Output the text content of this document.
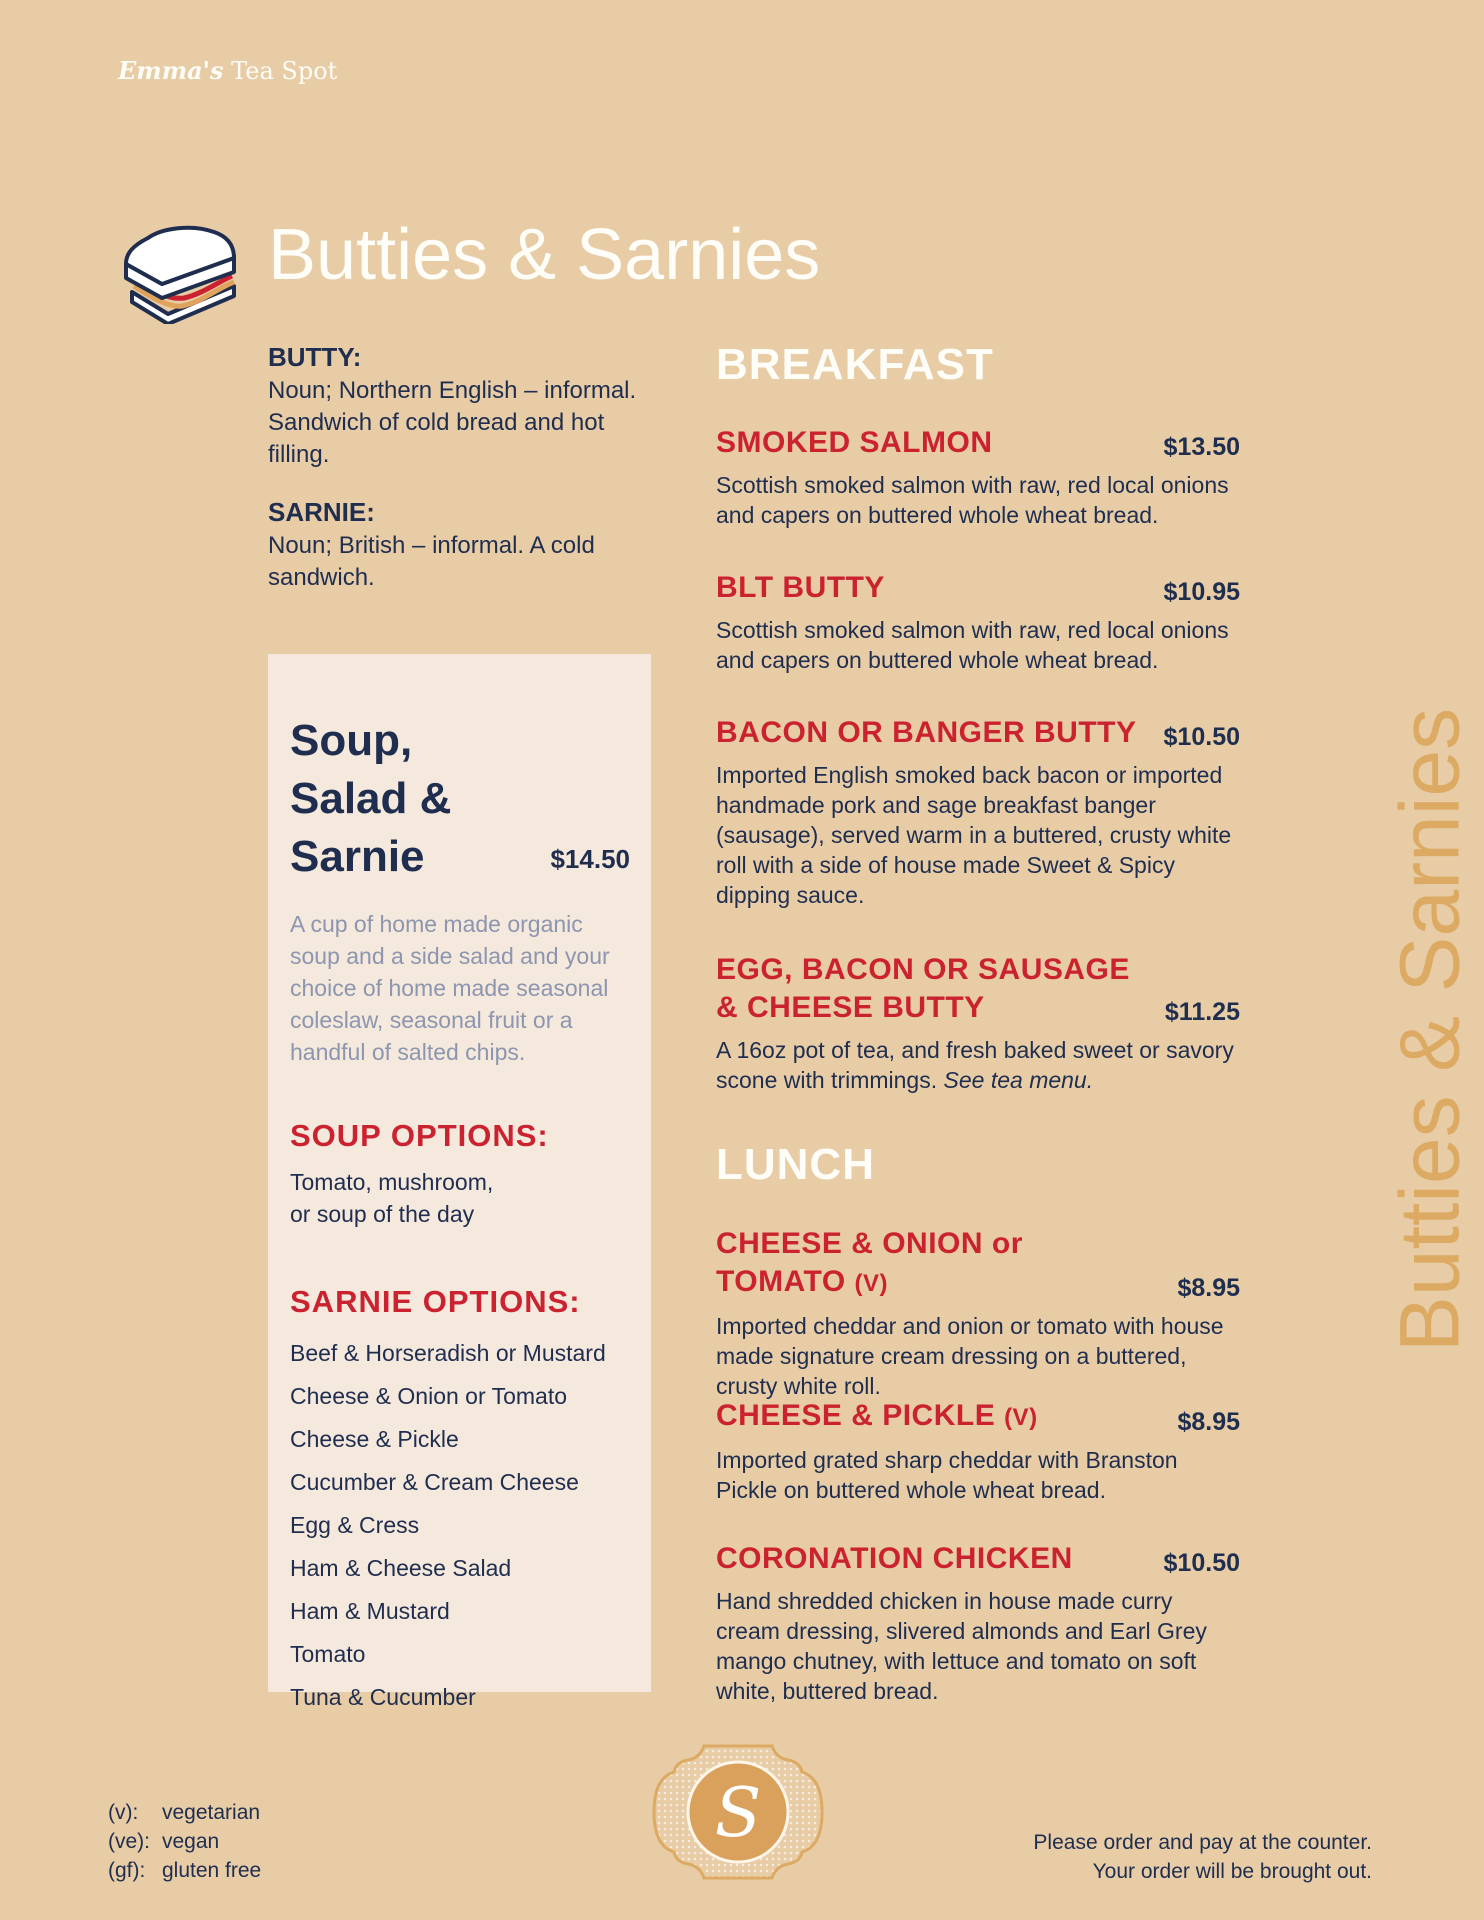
Emma's Tea Spot
Butties & Sarnies

BUTTY:

Noun; Northern English – informal. Sandwich of cold bread and hot filling.

SARNIE:

Noun; British – informal. A cold sandwich.

Soup, Salad & Sarnie	$14.50

A cup of home made organic soup and a side salad and your choice of home made seasonal coleslaw, seasonal fruit or a handful of salted chips.

SOUP OPTIONS:

Tomato, mushroom, or soup of the day

SARNIE OPTIONS:
Beef & Horseradish or Mustard
Cheese & Onion or Tomato
Cheese & Pickle
Cucumber & Cream Cheese
Egg & Cress
Ham & Cheese Salad
Ham & Mustard
Tomato
Tuna & Cucumber
BREAKFAST
SMOKED SALMON	$13.50

Scottish smoked salmon with raw, red local onions and capers on buttered whole wheat bread.

BLT BUTTY	$10.95

Scottish smoked salmon with raw, red local onions and capers on buttered whole wheat bread.

BACON OR BANGER BUTTY	$10.50

Imported English smoked back bacon or imported handmade pork and sage breakfast banger (sausage), served warm in a buttered, crusty white roll with a side of house made Sweet & Spicy dipping sauce.

EGG, BACON OR SAUSAGE & CHEESE BUTTY	$11.25

A 16oz pot of tea, and fresh baked sweet or savory scone with trimmings. See tea menu.

LUNCH
CHEESE & ONION or TOMATO (V)	$8.95

Imported cheddar and onion or tomato with house made signature cream dressing on a buttered, crusty white roll.

CHEESE & PICKLE (V)	$8.95

Imported grated sharp cheddar with Branston Pickle on buttered whole wheat bread.

CORONATION CHICKEN	$10.50

Hand shredded chicken in house made curry cream dressing, slivered almonds and Earl Grey mango chutney, with lettuce and tomato on soft white, buttered bread.

Butties & Sarnies
S
(v):	vegetarian
(ve): vegan
(gf): gluten free
Please order and pay at the counter.
Your order will be brought out.
